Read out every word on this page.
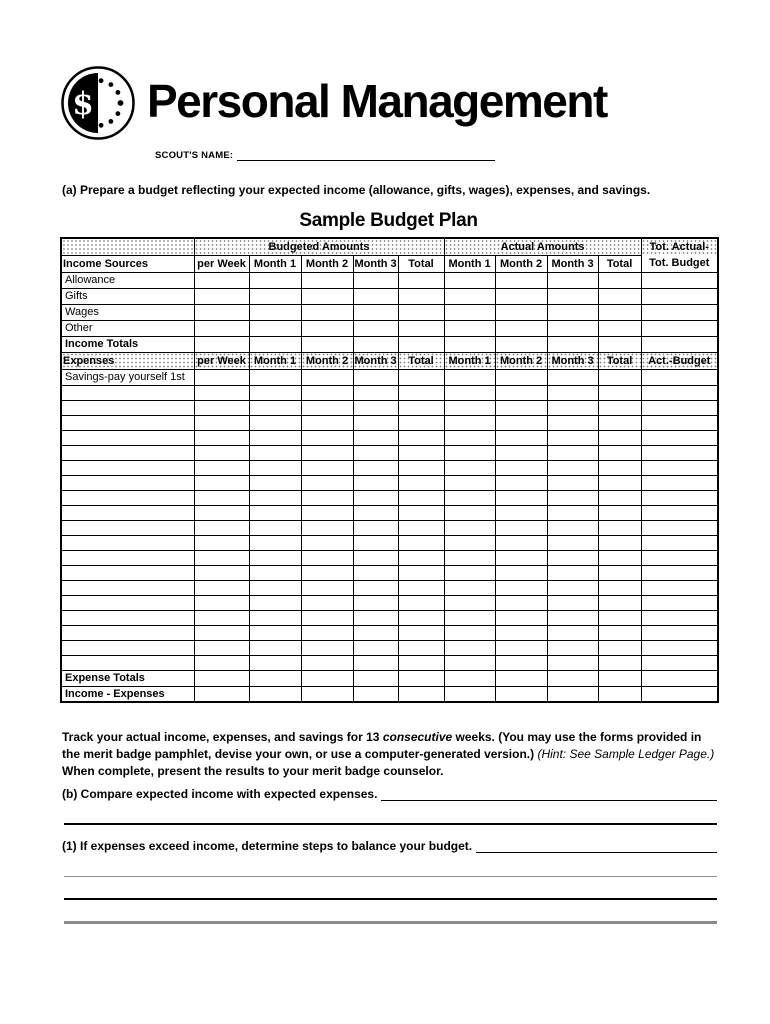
$ Personal Management
SCOUT'S NAME:
(a) Prepare a budget reflecting your expected income (allowance, gifts, wages), expenses, and savings.
Sample Budget Plan
	Budgeted Amounts					Actual Amounts				Tot. Actual-
Income Sources	per Week	Month 1	Month 2	Month 3	Total	Month 1	Month 2	Month 3	Total	Tot. Budget
Allowance										
Gifts										
Wages										
Other										
Income Totals										
Expenses	per Week	Month 1	Month 2	Month 3	Total	Month 1	Month 2	Month 3	Total	Act.-Budget
Savings-pay yourself 1st										

Expense Totals										
Income - Expenses										

Track your actual income, expenses, and savings for 13 consecutive weeks. (You may use the forms provided in the merit badge pamphlet, devise your own, or use a computer-generated version.) (Hint: See Sample Ledger Page.) When complete, present the results to your merit badge counselor.

(b) Compare expected income with expected expenses.
(1) If expenses exceed income, determine steps to balance your budget.
